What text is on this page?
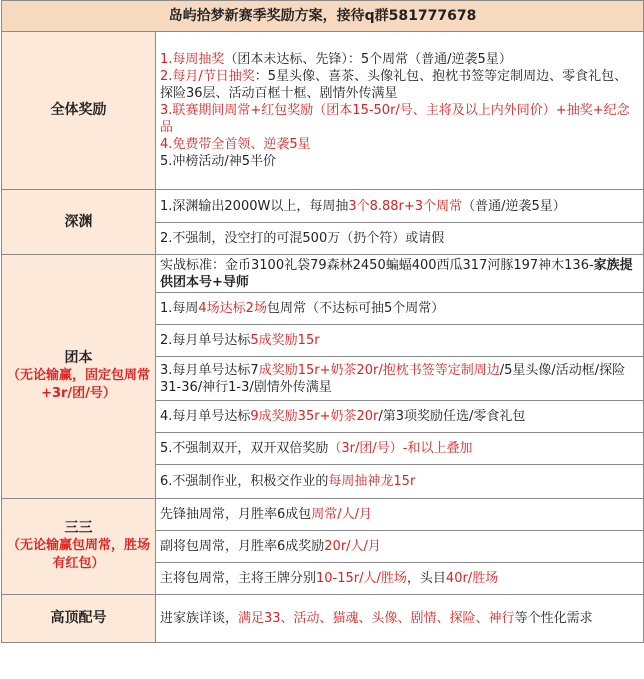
岛屿拾梦新赛季奖励方案，接待q群581777678	
全体奖励	1.每周抽奖（团本未达标、先锋）：5个周常（普通/逆袭5星）
2.每月/节日抽奖：5星头像、喜茶、头像礼包、抱枕书签等定制周边、零食礼包、探险36层、活动百框十框、剧情外传满星
3.联赛期间周常+红包奖励（团本15-50r/号、主将及以上内外同价）+抽奖+纪念品
4.免费带全首领、逆袭5星
5.冲榜活动/神5半价
深渊	1.深渊输出2000W以上，每周抽3个8.88r+3个周常（普通/逆袭5星）
	2.不强制，没空打的可混500万（扔个符）或请假
团本
（无论输赢，固定包周常+3r/团/号）	实战标准：金币3100礼袋79森林2450蝙蝠400西瓜317河豚197神木136-家族提供团本号+导师
	1.每周4场达标2场包周常（不达标可抽5个周常）
	2.每月单号达标5成奖励15r
	3.每月单号达标7成奖励15r+奶茶20r/抱枕书签等定制周边/5星头像/活动框/探险31-36/神行1-3/剧情外传满星
	4.每月单号达标9成奖励35r+奶茶20r/第3项奖励任选/零食礼包
	5.不强制双开，双开双倍奖励（3r/团/号）-和以上叠加
	6.不强制作业，积极交作业的每周抽神龙15r
三三
（无论输赢包周常，胜场有红包）	先锋抽周常，月胜率6成包周常/人/月
	副将包周常，月胜率6成奖励20r/人/月
	主将包周常，主将王牌分别10-15r/人/胜场，头目40r/胜场
高顶配号	进家族详谈，满足33、活动、猫魂、头像、剧情、探险、神行等个性化需求
